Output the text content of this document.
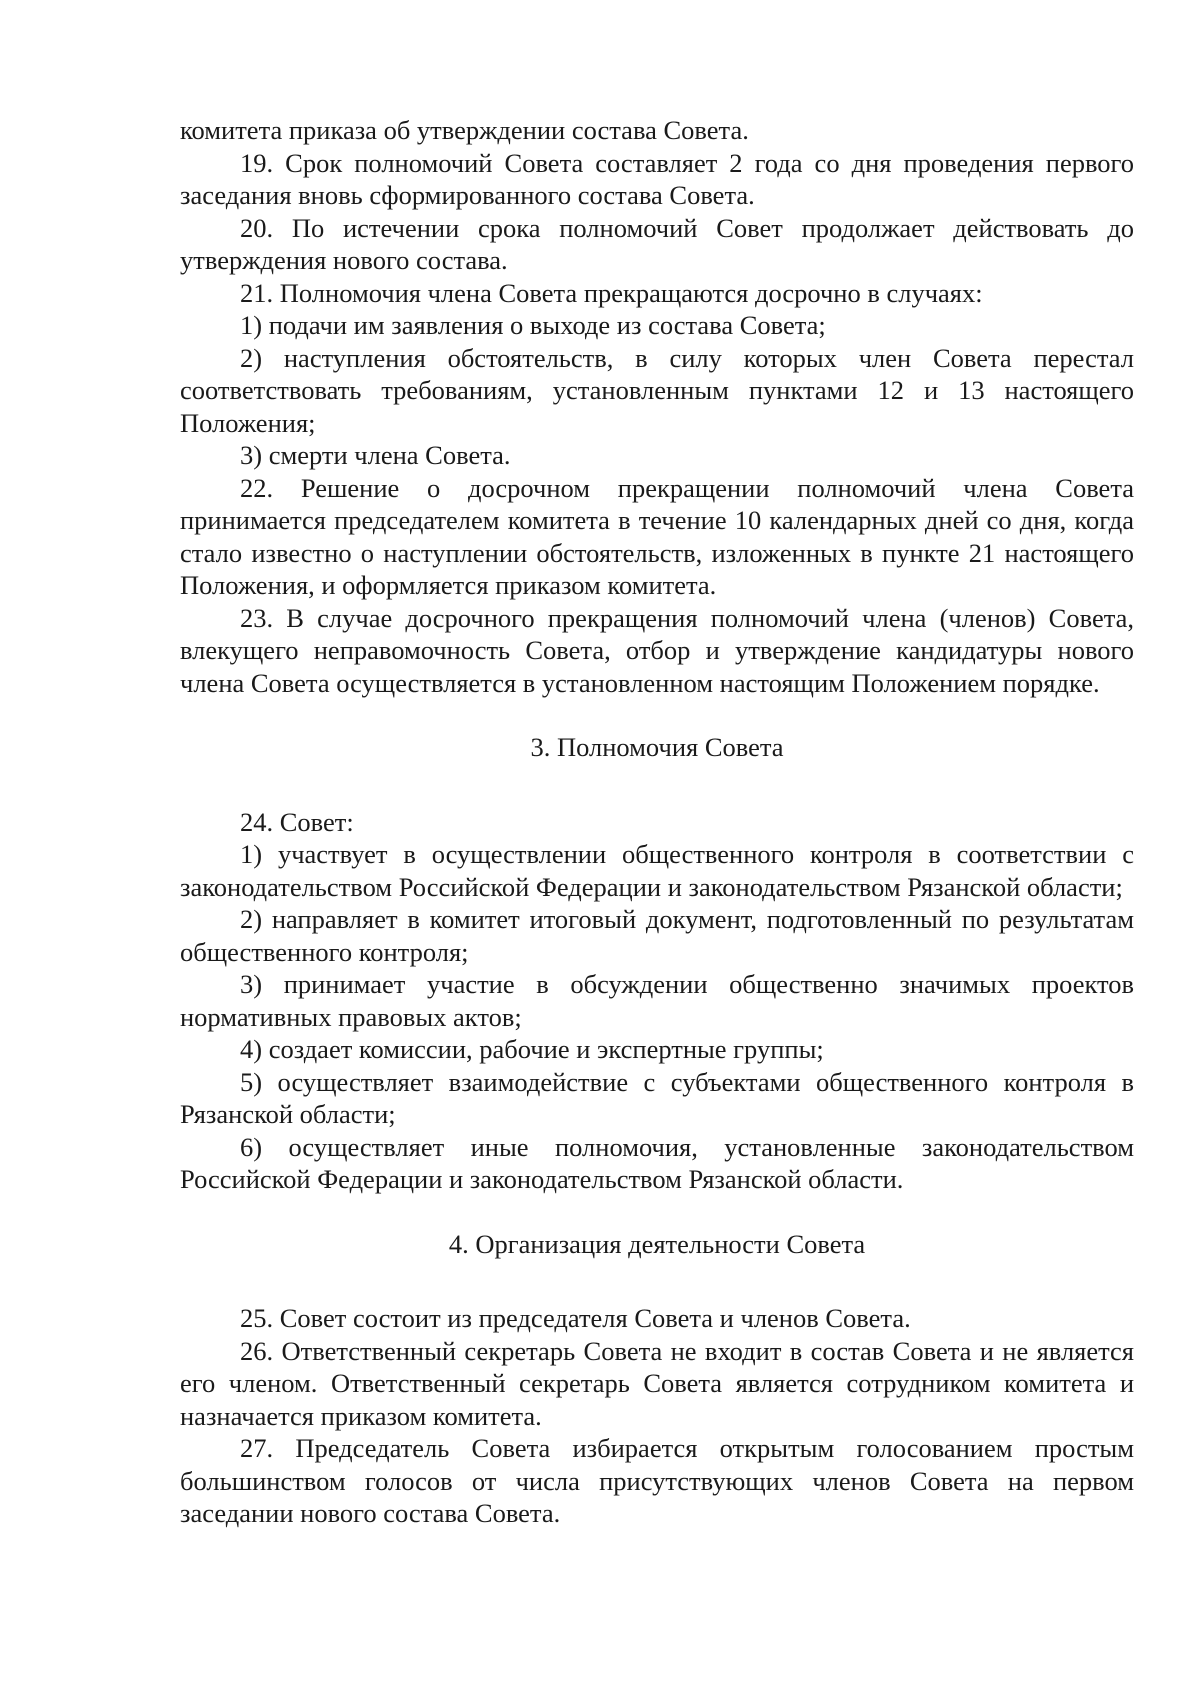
комитета приказа об утверждении состава Совета.

19. Срок полномочий Совета составляет 2 года со дня проведения первого заседания вновь сформированного состава Совета.

20. По истечении срока полномочий Совет продолжает действовать до утверждения нового состава.

21. Полномочия члена Совета прекращаются досрочно в случаях:

1) подачи им заявления о выходе из состава Совета;

2) наступления обстоятельств, в силу которых член Совета перестал соответствовать требованиям, установленным пунктами 12 и 13 настоящего Положения;

3) смерти члена Совета.

22. Решение о досрочном прекращении полномочий члена Совета принимается председателем комитета в течение 10 календарных дней со дня, когда стало известно о наступлении обстоятельств, изложенных в пункте 21 настоящего Положения, и оформляется приказом комитета.

23. В случае досрочного прекращения полномочий члена (членов) Совета, влекущего неправомочность Совета, отбор и утверждение кандидатуры нового члена Совета осуществляется в установленном настоящим Положением порядке.

3. Полномочия Совета

24. Совет:

1) участвует в осуществлении общественного контроля в соответствии с законодательством Российской Федерации и законодательством Рязанской области;

2) направляет в комитет итоговый документ, подготовленный по результатам общественного контроля;

3) принимает участие в обсуждении общественно значимых проектов нормативных правовых актов;

4) создает комиссии, рабочие и экспертные группы;

5) осуществляет взаимодействие с субъектами общественного контроля в Рязанской области;

6) осуществляет иные полномочия, установленные законодательством Российской Федерации и законодательством Рязанской области.

4. Организация деятельности Совета

25. Совет состоит из председателя Совета и членов Совета.

26. Ответственный секретарь Совета не входит в состав Совета и не является его членом. Ответственный секретарь Совета является сотрудником комитета и назначается приказом комитета.

27. Председатель Совета избирается открытым голосованием простым большинством голосов от числа присутствующих членов Совета на первом заседании нового состава Совета.
